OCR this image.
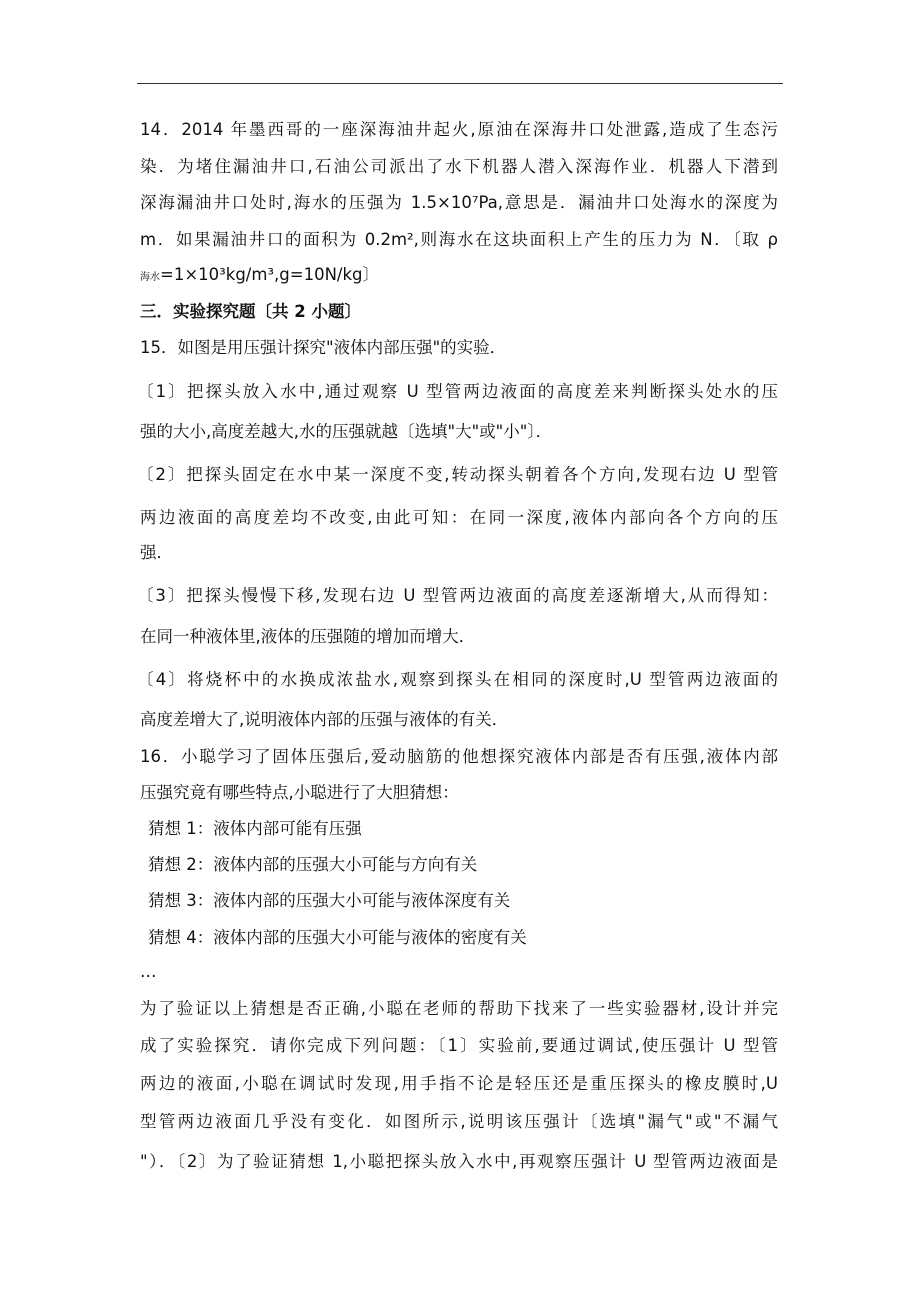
14．2014 年墨西哥的一座深海油井起火,原油在深海井口处泄露,造成了生态污
染．为堵住漏油井口,石油公司派出了水下机器人潜入深海作业．机器人下潜到
深海漏油井口处时,海水的压强为 1.5×10⁷Pa,意思是．漏油井口处海水的深度为
m．如果漏油井口的面积为 0.2m²,则海水在这块面积上产生的压力为 N．〔取 ρ
海水=1×10³kg/m³,g=10N/kg〕
三．实验探究题〔共 2 小题〕
15．如图是用压强计探究"液体内部压强"的实验．
〔1〕把探头放入水中,通过观察 U 型管两边液面的高度差来判断探头处水的压
强的大小,高度差越大,水的压强就越〔选填"大"或"小"〕．
〔2〕把探头固定在水中某一深度不变,转动探头朝着各个方向,发现右边 U 型管
两边液面的高度差均不改变,由此可知：在同一深度,液体内部向各个方向的压
强．
〔3〕把探头慢慢下移,发现右边 U 型管两边液面的高度差逐渐增大,从而得知：
在同一种液体里,液体的压强随的增加而增大．
〔4〕将烧杯中的水换成浓盐水,观察到探头在相同的深度时,U 型管两边液面的
高度差增大了,说明液体内部的压强与液体的有关．
16．小聪学习了固体压强后,爱动脑筋的他想探究液体内部是否有压强,液体内部
压强究竟有哪些特点,小聪进行了大胆猜想：
猜想 1：液体内部可能有压强
猜想 2：液体内部的压强大小可能与方向有关
猜想 3：液体内部的压强大小可能与液体深度有关
猜想 4：液体内部的压强大小可能与液体的密度有关
…
为了验证以上猜想是否正确,小聪在老师的帮助下找来了一些实验器材,设计并完
成了实验探究．请你完成下列问题：〔1〕实验前,要通过调试,使压强计 U 型管
两边的液面,小聪在调试时发现,用手指不论是轻压还是重压探头的橡皮膜时,U
型管两边液面几乎没有变化．如图所示,说明该压强计〔选填"漏气"或"不漏气
"）．〔2〕为了验证猜想 1,小聪把探头放入水中,再观察压强计 U 型管两边液面是
